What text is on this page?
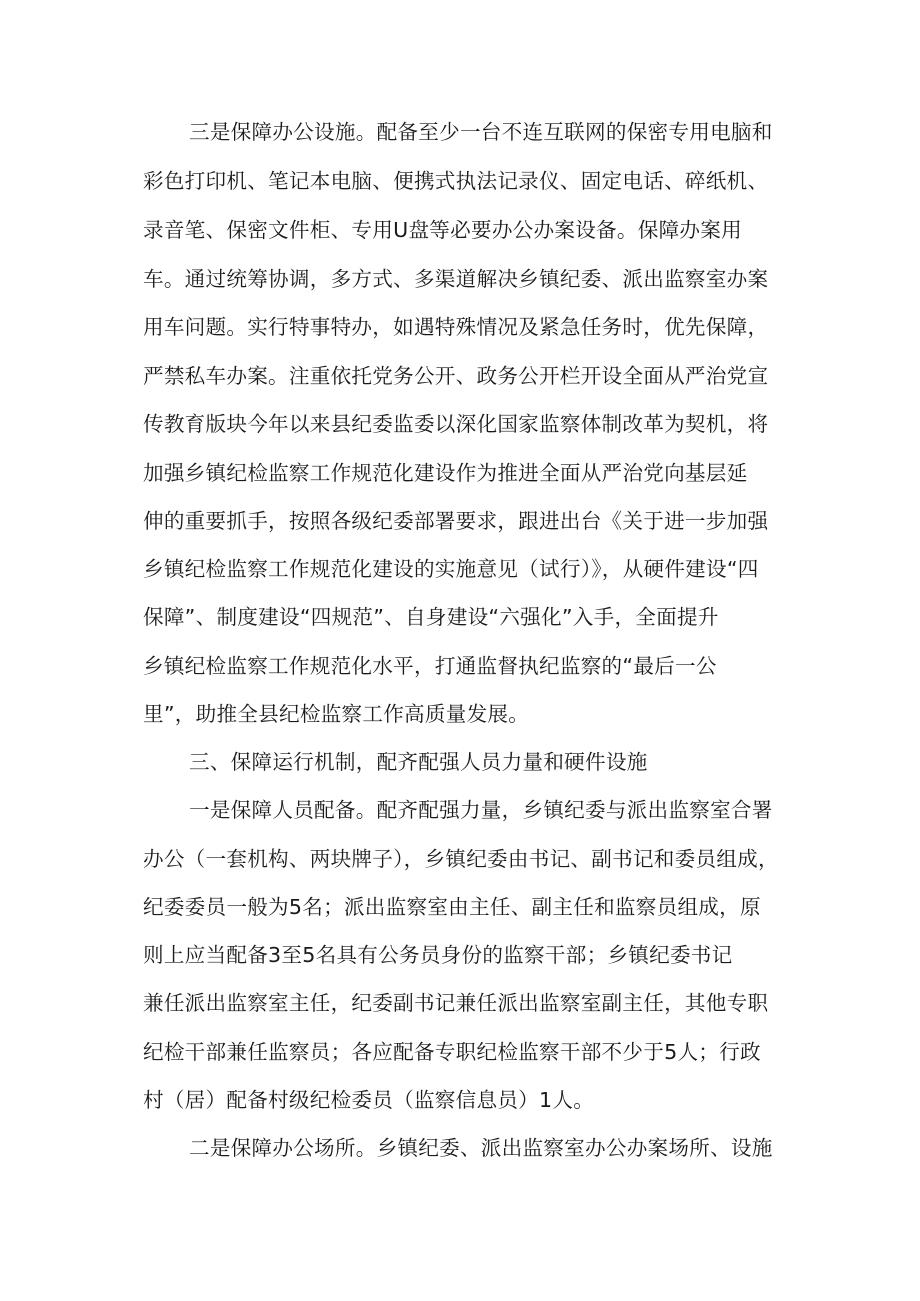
三是保障办公设施。配备至少一台不连互联网的保密专用电脑和
彩色打印机、笔记本电脑、便携式执法记录仪、固定电话、碎纸机、
录音笔、保密文件柜、专用U盘等必要办公办案设备。保障办案用
车。通过统筹协调，多方式、多渠道解决乡镇纪委、派出监察室办案
用车问题。实行特事特办，如遇特殊情况及紧急任务时，优先保障，
严禁私车办案。注重依托党务公开、政务公开栏开设全面从严治党宣
传教育版块今年以来县纪委监委以深化国家监察体制改革为契机，将
加强乡镇纪检监察工作规范化建设作为推进全面从严治党向基层延
伸的重要抓手，按照各级纪委部署要求，跟进出台《关于进一步加强
乡镇纪检监察工作规范化建设的实施意见（试行）》，从硬件建设“四
保障”、制度建设“四规范”、自身建设“六强化”入手，全面提升
乡镇纪检监察工作规范化水平，打通监督执纪监察的“最后一公
里”，助推全县纪检监察工作高质量发展。
三、保障运行机制，配齐配强人员力量和硬件设施
一是保障人员配备。配齐配强力量，乡镇纪委与派出监察室合署
办公（一套机构、两块牌子），乡镇纪委由书记、副书记和委员组成，
纪委委员一般为5名；派出监察室由主任、副主任和监察员组成，原
则上应当配备3至5名具有公务员身份的监察干部；乡镇纪委书记
兼任派出监察室主任，纪委副书记兼任派出监察室副主任，其他专职
纪检干部兼任监察员；各应配备专职纪检监察干部不少于5人；行政
村（居）配备村级纪检委员（监察信息员）1人。
二是保障办公场所。乡镇纪委、派出监察室办公办案场所、设施
